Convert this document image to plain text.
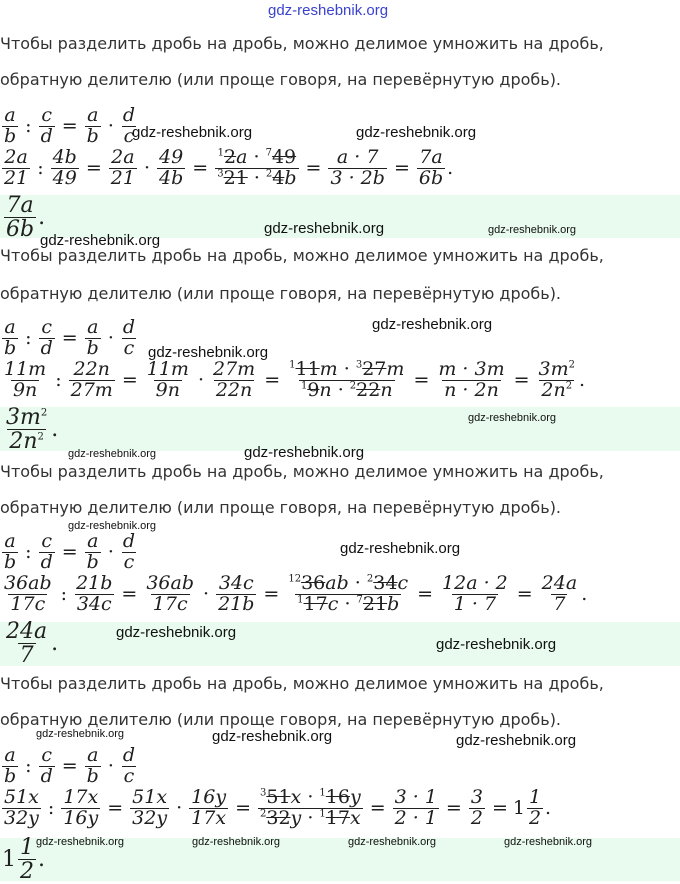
gdz-reshebnik.org
Чтобы разделить дробь на дробь, можно делимое умножить на дробь,
обратную делителю (или проще говоря, на перевёрнутую дробь).
$\frac{a}{b}$ : $\frac{c}{d} = \frac{a}{b} \cdot \frac{d}{c}$
$\frac{2a}{21}$ : $\frac{4b}{49} = \frac{2a}{21} \cdot \frac{49}{4b} = \frac{^12a \cdot ^749}{^321 \cdot ^24b} = \frac{a \cdot 7}{3 \cdot 2b} = \frac{7a}{6b}$ .
$\frac{7a}{6b}$ .
Чтобы разделить дробь на дробь, можно делимое умножить на дробь,
обратную делителю (или проще говоря, на перевёрнутую дробь).
$\frac{a}{b}$ : $\frac{c}{d} = \frac{a}{b} \cdot \frac{d}{c}$
$\frac{11m}{9n}$ : $\frac{22n}{27m} = \frac{11m}{9n} \cdot \frac{27m}{22n} = \frac{^111m \cdot ^327m}{^19n \cdot ^222n} = \frac{m \cdot 3m}{n \cdot 2n} = \frac{3m^2}{2n^2}$ .
$\frac{3m^2}{2n^2}$ .
Чтобы разделить дробь на дробь, можно делимое умножить на дробь,
обратную делителю (или проще говоря, на перевёрнутую дробь).
$\frac{a}{b}$ : $\frac{c}{d} = \frac{a}{b} \cdot \frac{d}{c}$
$\frac{36ab}{17c}$ : $\frac{21b}{34c} = \frac{36ab}{17c} \cdot \frac{34c}{21b} = \frac{^{12}36ab \cdot ^234c}{^117c \cdot ^721b} = \frac{12a \cdot 2}{1 \cdot 7} = \frac{24a}{7}$ .
$\frac{24a}{7}$ .
Чтобы разделить дробь на дробь, можно делимое умножить на дробь,
обратную делителю (или проще говоря, на перевёрнутую дробь).
$\frac{a}{b}$ : $\frac{c}{d} = \frac{a}{b} \cdot \frac{d}{c}$
$\frac{51x}{32y}$ : $\frac{17x}{16y} = \frac{51x}{32y} \cdot \frac{16y}{17x} = \frac{^351x \cdot ^116y}{^232y \cdot ^117x} = \frac{3 \cdot 1}{2 \cdot 1} = \frac{3}{2} = 1 \frac{1}{2}$ .
$1 \frac{1}{2}$ .
gdz-reshebnik.org	gdz-reshebnik.org
gdz-reshebnik.org	gdz-reshebnik.org
gdz-reshebnik.org
gdz-reshebnik.org
gdz-reshebnik.org
gdz-reshebnik.org
gdz-reshebnik.org
gdz-reshebnik.org
gdz-reshebnik.org
gdz-reshebnik.org
gdz-reshebnik.org
gdz-reshebnik.org
gdz-reshebnik.org	gdz-reshebnik.org	gdz-reshebnik.org
gdz-reshebnik.org	gdz-reshebnik.org	gdz-reshebnik.org	gdz-reshebnik.org
